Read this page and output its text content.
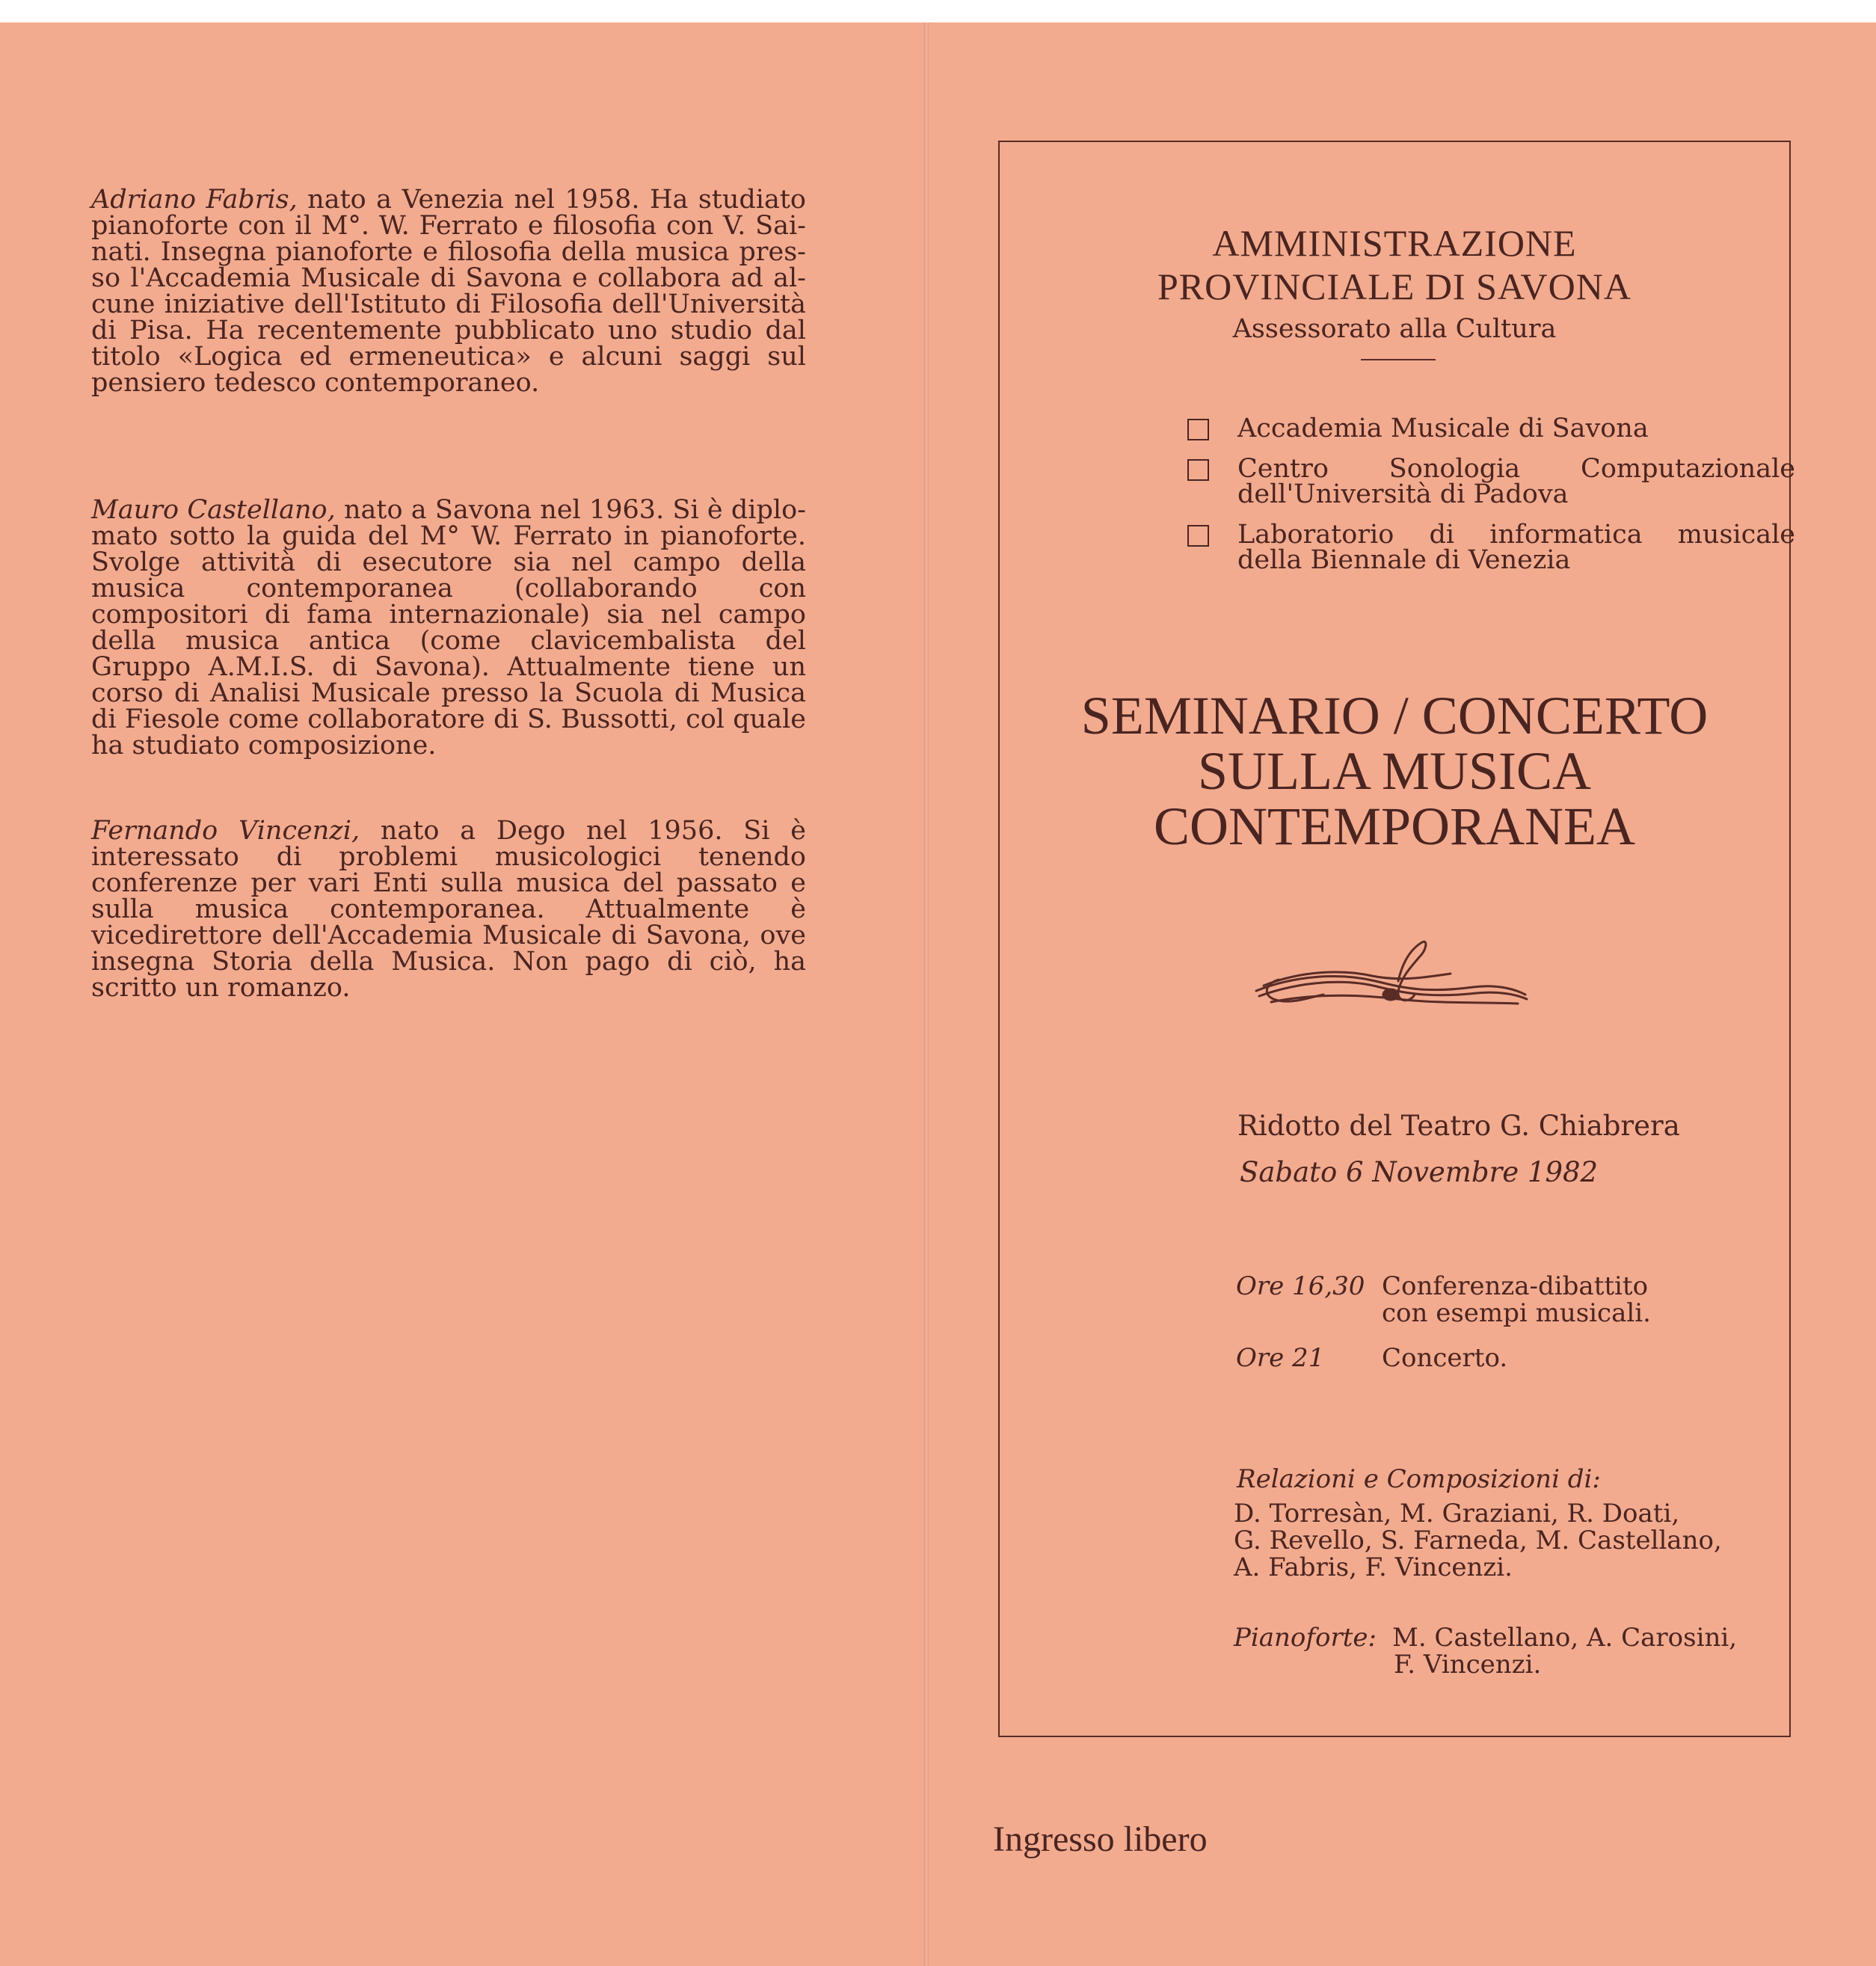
Adriano Fabris, nato a Venezia nel 1958. Ha studiato pianoforte con il M°. W. Ferrato e filosofia con V. Sainati. Insegna pianoforte e filosofia della musica presso l'Accademia Musicale di Savona e collabora ad alcune iniziative dell'Istituto di Filosofia dell'Università di Pisa. Ha recentemente pubblicato uno studio dal titolo «Logica ed ermeneutica» e alcuni saggi sul pensiero tedesco contemporaneo.

Mauro Castellano, nato a Savona nel 1963. Si è diplomato sotto la guida del M° W. Ferrato in pianoforte. Svolge attività di esecutore sia nel campo della musica contemporanea (collaborando con compositori di fama internazionale) sia nel campo della musica antica (come clavicembalista del Gruppo A.M.I.S. di Savona). Attualmente tiene un corso di Analisi Musicale presso la Scuola di Musica di Fiesole come collaboratore di S. Bussotti, col quale ha studiato composizione.

Fernando Vincenzi, nato a Dego nel 1956. Si è interessato di problemi musicologici tenendo conferenze per vari Enti sulla musica del passato e sulla musica contemporanea. Attualmente è vicedirettore dell'Accademia Musicale di Savona, ove insegna Storia della Musica. Non pago di ciò, ha scritto un romanzo.

AMMINISTRAZIONE
PROVINCIALE DI SAVONA
Assessorato alla Cultura
Accademia Musicale di Savona
Centro Sonologia Computazionale
dell'Università di Padova
Laboratorio di informatica musicale
della Biennale di Venezia
SEMINARIO / CONCERTO
SULLA MUSICA
CONTEMPORANEA
Ridotto del Teatro G. Chiabrera
Sabato 6 Novembre 1982
Ore 16,30 Conferenza-dibattito
con esempi musicali.
Ore 21 Concerto.
Relazioni e Composizioni di:
D. Torresàn, M. Graziani, R. Doati,
G. Revello, S. Farneda, M. Castellano,
A. Fabris, F. Vincenzi.
Pianoforte: M. Castellano, A. Carosini,
F. Vincenzi.
Ingresso libero
